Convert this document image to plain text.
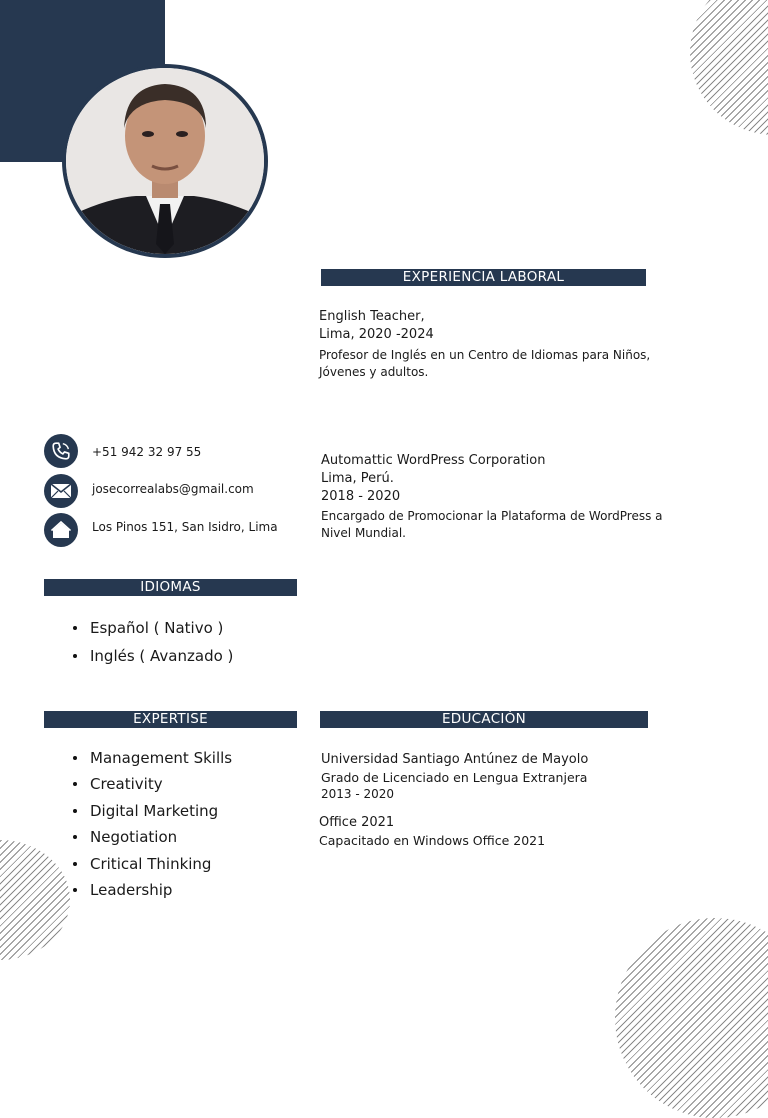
EXPERIENCIA LABORAL
English Teacher,
Lima, 2020 -2024
Profesor de Inglés en un Centro de Idiomas para Niños,
Jóvenes y adultos.
Automattic WordPress Corporation
Lima, Perú.
2018 - 2020
Encargado de Promocionar la Plataforma de WordPress a
Nivel Mundial.
+51 942 32 97 55
josecorrealabs@gmail.com
Los Pinos 151, San Isidro, Lima
IDIOMAS
Español ( Nativo )
Inglés ( Avanzado )
EXPERTISE
Management Skills
Creativity
Digital Marketing
Negotiation
Critical Thinking
Leadership
EDUCACIÓN
Universidad Santiago Antúnez de Mayolo
Grado de Licenciado en Lengua Extranjera
2013 - 2020
Office 2021
Capacitado en Windows Office 2021
